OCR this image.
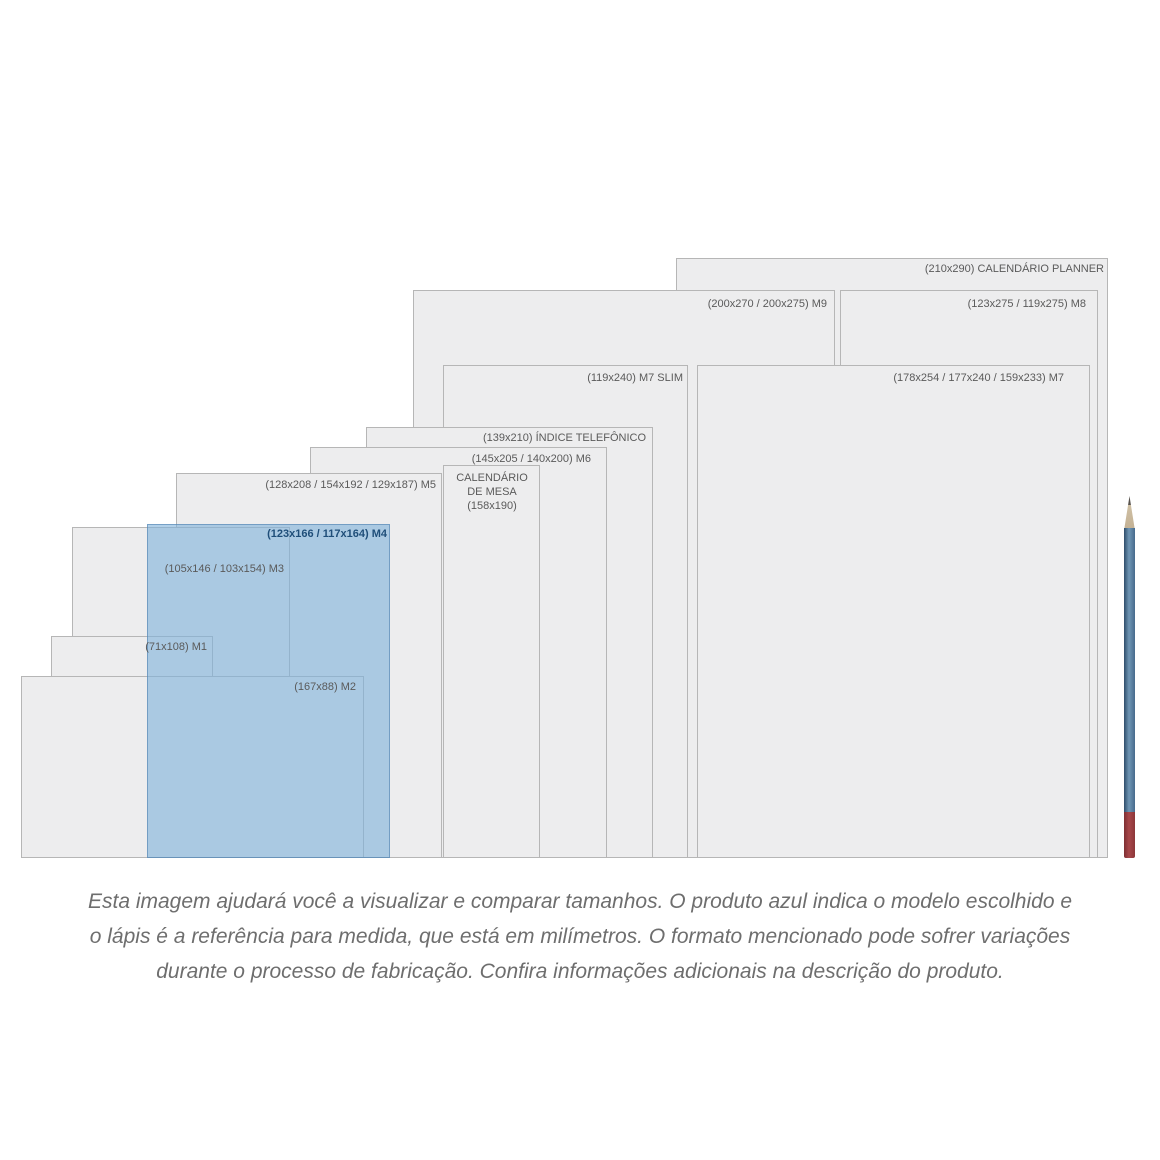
(210x290) CALENDÁRIO PLANNER
(200x270 / 200x275) M9	(123x275 / 119x275) M8
(178x254 / 177x240 / 159x233) M7
(119x240) M7 SLIM
(139x210) ÍNDICE TELEFÔNICO
(145x205 / 140x200) M6
CALENDÁRIO
DE MESA
(158x190)
(128x208 / 154x192 / 129x187) M5
(105x146 / 103x154) M3
(71x108) M1
(167x88) M2
(123x166 / 117x164) M4
Esta imagem ajudará você a visualizar e comparar tamanhos. O produto azul indica o modelo escolhido e
o lápis é a referência para medida, que está em milímetros. O formato mencionado pode sofrer variações
durante o processo de fabricação. Confira informações adicionais na descrição do produto.
